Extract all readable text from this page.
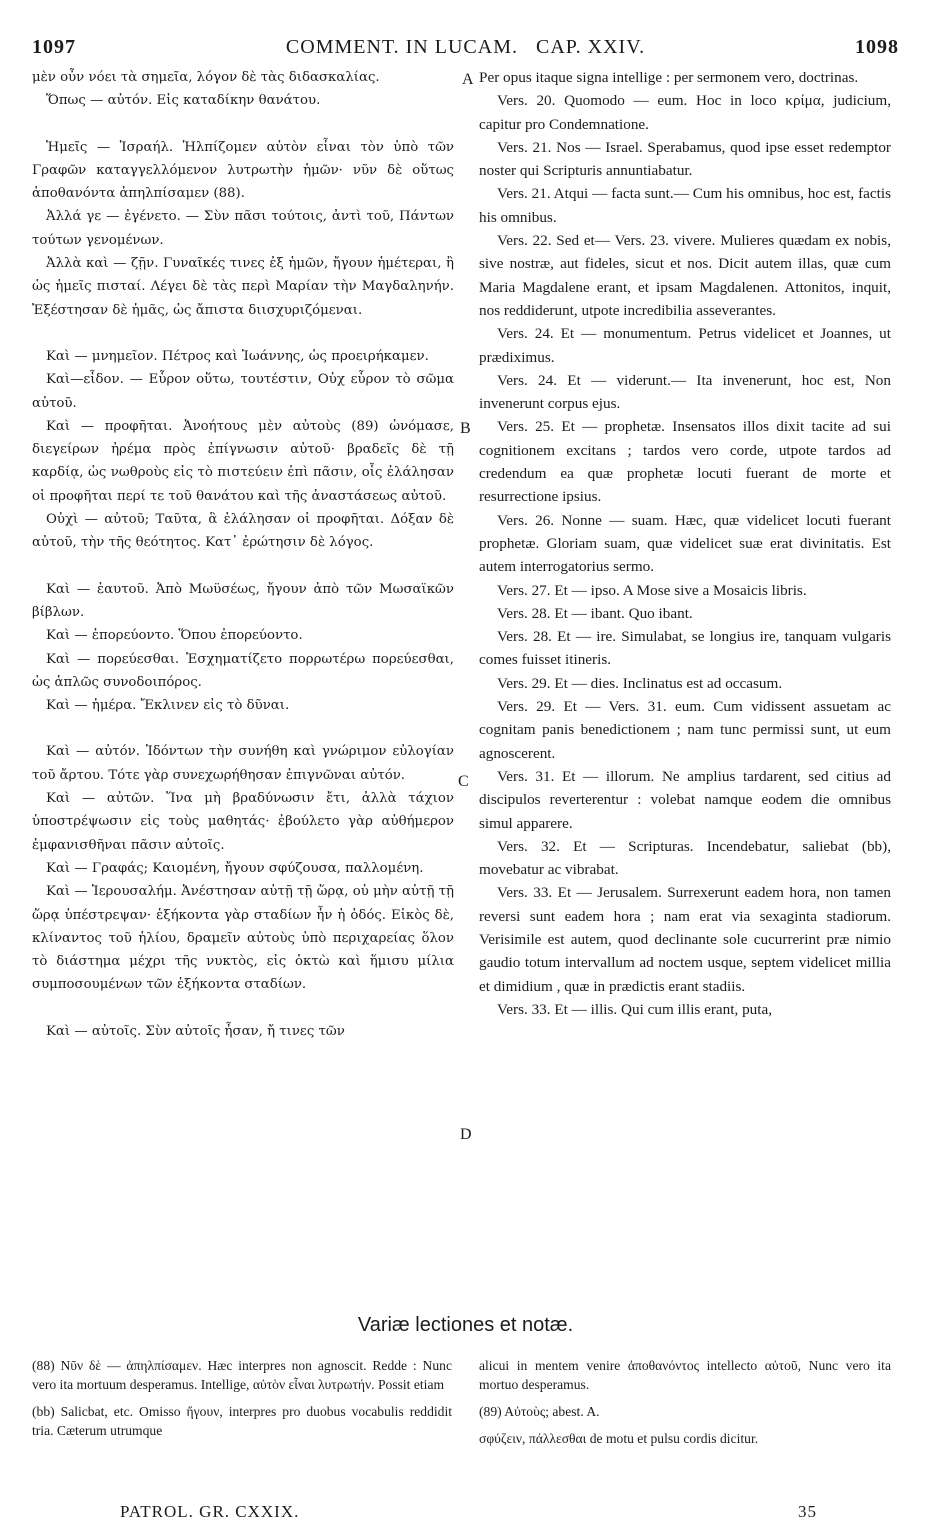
1097	COMMENT. IN LUCAM.   CAP. XXIV.	1098
A
B
C
D

μὲν οὖν νόει τὰ σημεῖα, λόγον δὲ τὰς διδασκαλίας.

Ὅπως — αὐτόν. Εἰς καταδίκην θανάτου.

Ἡμεῖς — Ἰσραήλ. Ἠλπίζομεν αὐτὸν εἶναι τὸν ὑπὸ τῶν Γραφῶν καταγγελλόμενον λυτρωτὴν ἡμῶν· νῦν δὲ οὕτως ἀποθανόντα ἀπηλπίσαμεν (88).

Ἀλλά γε — ἐγένετο. — Σὺν πᾶσι τούτοις, ἀντὶ τοῦ, Πάντων τούτων γενομένων.

Ἀλλὰ καὶ — ζῇν. Γυναῖκές τινες ἐξ ἡμῶν, ἤγουν ἡμέτεραι, ἢ ὡς ἡμεῖς πισταί. Λέγει δὲ τὰς περὶ Μαρίαν τὴν Μαγδαληνήν. Ἐξέστησαν δὲ ἡμᾶς, ὡς ἄπιστα διισχυριζόμεναι.

Καὶ — μνημεῖον. Πέτρος καὶ Ἰωάννης, ὡς προειρήκαμεν.

Καὶ—εἶδον. — Εὗρον οὕτω, τουτέστιν, Οὐχ εὗρον τὸ σῶμα αὐτοῦ.

Καὶ — προφῆται. Ἀνοήτους μὲν αὐτοὺς (89) ὠνόμασε, διεγείρων ἠρέμα πρὸς ἐπίγνωσιν αὐτοῦ· βραδεῖς δὲ τῇ καρδίᾳ, ὡς νωθροὺς εἰς τὸ πιστεύειν ἐπὶ πᾶσιν, οἷς ἐλάλησαν οἱ προφῆται περί τε τοῦ θανάτου καὶ τῆς ἀναστάσεως αὐτοῦ.

Οὐχὶ — αὐτοῦ; Ταῦτα, ἃ ἐλάλησαν οἱ προφῆται. Δόξαν δὲ αὐτοῦ, τὴν τῆς θεότητος. Κατ᾽ ἐρώτησιν δὲ λόγος.

Καὶ — ἑαυτοῦ. Ἀπὸ Μωϋσέως, ἤγουν ἀπὸ τῶν Μωσαϊκῶν βίβλων.

Καὶ — ἐπορεύοντο. Ὅπου ἐπορεύοντο.

Καὶ — πορεύεσθαι. Ἐσχηματίζετο πορρωτέρω πορεύεσθαι, ὡς ἁπλῶς συνοδοιπόρος.

Καὶ — ἡμέρα. Ἔκλινεν εἰς τὸ δῦναι.

Καὶ — αὐτόν. Ἰδόντων τὴν συνήθη καὶ γνώριμον εὐλογίαν τοῦ ἄρτου. Τότε γὰρ συνεχωρήθησαν ἐπιγνῶναι αὐτόν.

Καὶ — αὐτῶν. Ἵνα μὴ βραδύνωσιν ἔτι, ἀλλὰ τάχιον ὑποστρέψωσιν εἰς τοὺς μαθητάς· ἐβούλετο γὰρ αὐθήμερον ἐμφανισθῆναι πᾶσιν αὐτοῖς.

Καὶ — Γραφάς; Καιομένη, ἤγουν σφύζουσα, παλλομένη.

Καὶ — Ἱερουσαλήμ. Ἀνέστησαν αὐτῇ τῇ ὥρᾳ, οὐ μὴν αὐτῇ τῇ ὥρᾳ ὑπέστρεψαν· ἑξήκοντα γὰρ σταδίων ἦν ἡ ὁδός. Εἰκὸς δὲ, κλίναντος τοῦ ἡλίου, δραμεῖν αὐτοὺς ὑπὸ περιχαρείας ὅλον τὸ διάστημα μέχρι τῆς νυκτὸς, εἰς ὀκτὼ καὶ ἥμισυ μίλια συμποσουμένων τῶν ἑξήκοντα σταδίων.

Καὶ — αὐτοῖς. Σὺν αὐτοῖς ἦσαν, ἤ τινες τῶν

Per opus itaque signa intellige : per sermonem vero, doctrinas.

Vers. 20. Quomodo — eum. Hoc in loco κρίμα, judicium, capitur pro Condemnatione.

Vers. 21. Nos — Israel. Sperabamus, quod ipse esset redemptor noster qui Scripturis annuntiabatur.

Vers. 21. Atqui — facta sunt.— Cum his omnibus, hoc est, factis his omnibus.

Vers. 22. Sed et— Vers. 23. vivere. Mulieres quædam ex nobis, sive nostræ, aut fideles, sicut et nos. Dicit autem illas, quæ cum Maria Magdalene erant, et ipsam Magdalenen. Attonitos, inquit, nos reddiderunt, utpote incredibilia asseverantes.

Vers. 24. Et — monumentum. Petrus videlicet et Joannes, ut prædiximus.

Vers. 24. Et — viderunt.— Ita invenerunt, hoc est, Non invenerunt corpus ejus.

Vers. 25. Et — prophetæ. Insensatos illos dixit tacite ad sui cognitionem excitans ; tardos vero corde, utpote tardos ad credendum ea quæ prophetæ locuti fuerant de morte et resurrectione ipsius.

Vers. 26. Nonne — suam. Hæc, quæ videlicet locuti fuerant prophetæ. Gloriam suam, quæ videlicet suæ erat divinitatis. Est autem interrogatorius sermo.

Vers. 27. Et — ipso. A Mose sive a Mosaicis libris.

Vers. 28. Et — ibant. Quo ibant.

Vers. 28. Et — ire. Simulabat, se longius ire, tanquam vulgaris comes fuisset itineris.

Vers. 29. Et — dies. Inclinatus est ad occasum.

Vers. 29. Et — Vers. 31. eum. Cum vidissent assuetam ac cognitam panis benedictionem ; nam tunc permissi sunt, ut eum agnoscerent.

Vers. 31. Et — illorum. Ne amplius tardarent, sed citius ad discipulos reverterentur : volebat namque eodem die omnibus simul apparere.

Vers. 32. Et — Scripturas. Incendebatur, saliebat (bb), movebatur ac vibrabat.

Vers. 33. Et — Jerusalem. Surrexerunt eadem hora, non tamen reversi sunt eadem hora ; nam erat via sexaginta stadiorum. Verisimile est autem, quod declinante sole cucurrerint præ nimio gaudio totum intervallum ad noctem usque, septem videlicet millia et dimidium , quæ in prædictis erant stadiis.

Vers. 33. Et — illis. Qui cum illis erant, puta,

Variæ lectiones et notæ.

(88) Νῦν δὲ — ἀπηλπίσαμεν. Hæc interpres non agnoscit. Redde : Nunc vero ita mortuum desperamus. Intellige, αὐτὸν εἶναι λυτρωτήν. Possit etiam

(bb) Salicbat, etc. Omisso ἤγουν, interpres pro duobus vocabulis reddidit tria. Cæterum utrumque

alicui in mentem venire ἀποθανόντος intellecto αὐτοῦ, Nunc vero ita mortuo desperamus.

(89) Αὐτοὺς; abest. A.

σφύζειν, πάλλεσθαι de motu et pulsu cordis dicitur.

PATROL. GR. CXXIX.	35
